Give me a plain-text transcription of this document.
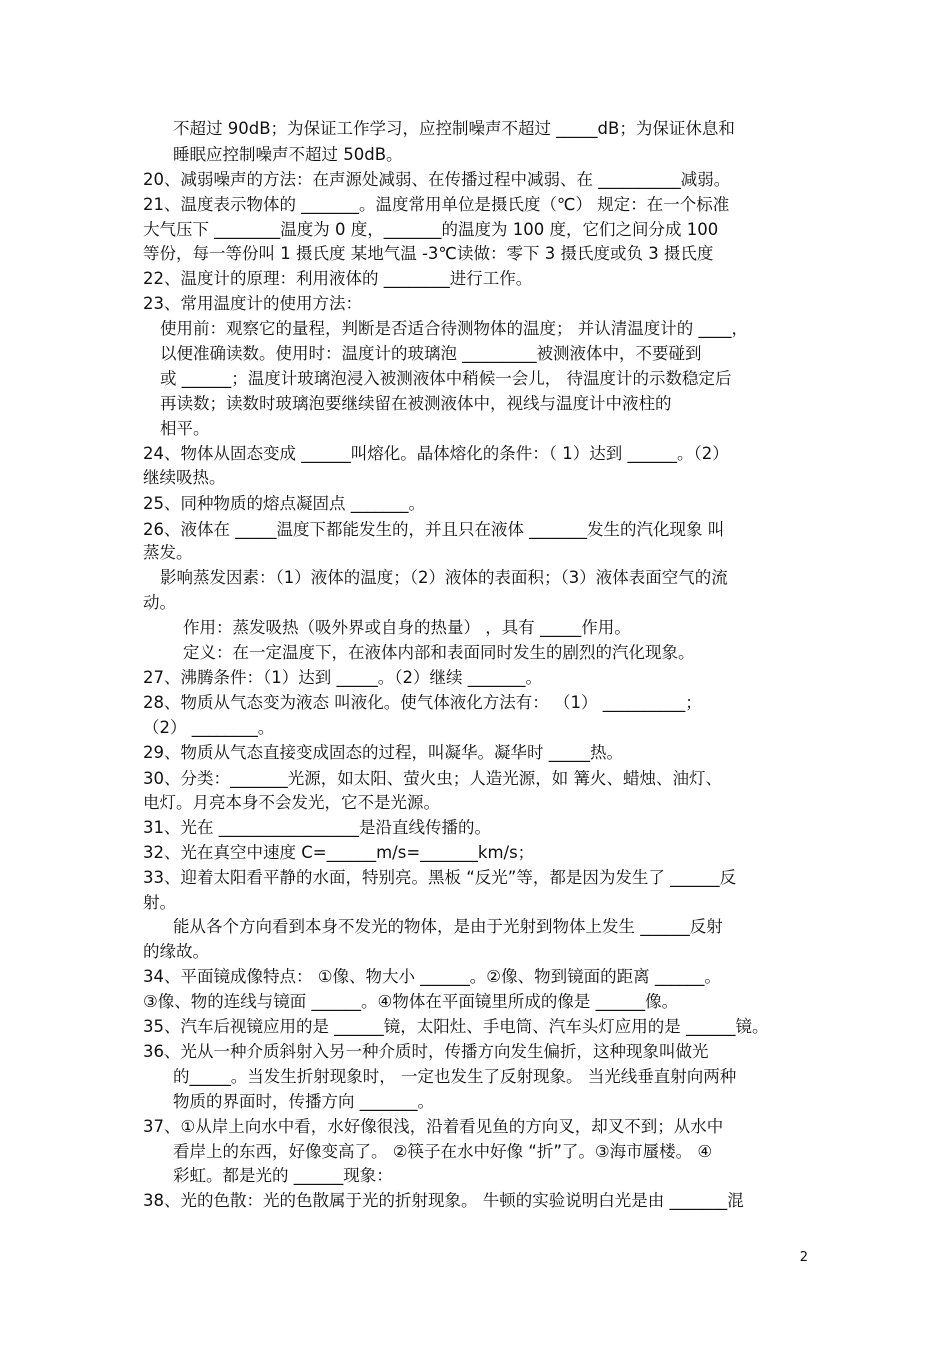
不超过 90dB；为保证工作学习，应控制噪声不超过 _____dB；为保证休息和
睡眠应控制噪声不超过 50dB。
20、减弱噪声的方法：在声源处减弱、在传播过程中减弱、在 __________减弱。
21、温度表示物体的 _______。温度常用单位是摄氏度（℃） 规定：在一个标准
大气压下 ________温度为 0 度，_______的温度为 100 度，它们之间分成 100
等份，每一等份叫 1 摄氏度 某地气温 -3℃读做：零下 3 摄氏度或负 3 摄氏度
22、温度计的原理：利用液体的 ________进行工作。
23、常用温度计的使用方法：
使用前：观察它的量程，判断是否适合待测物体的温度； 并认清温度计的 ____，
以便准确读数。使用时：温度计的玻璃泡 _________被测液体中，不要碰到
或 ______；温度计玻璃泡浸入被测液体中稍候一会儿， 待温度计的示数稳定后
再读数；读数时玻璃泡要继续留在被测液体中，视线与温度计中液柱的
相平。
24、物体从固态变成 ______叫熔化。晶体熔化的条件：（ 1）达到 ______。（2）
继续吸热。
25、同种物质的熔点凝固点 _______。
26、液体在 _____温度下都能发生的，并且只在液体 _______发生的汽化现象 叫
蒸发。
影响蒸发因素：（1）液体的温度；（2）液体的表面积；（3）液体表面空气的流
动。
作用：蒸发吸热（吸外界或自身的热量） ，具有 _____作用。
定义：在一定温度下，在液体内部和表面同时发生的剧烈的汽化现象。
27、沸腾条件：（1）达到 _____。（2）继续 _______。
28、物质从气态变为液态 叫液化。使气体液化方法有： （1） __________；
（2） ________。
29、物质从气态直接变成固态的过程，叫凝华。凝华时 _____热。
30、分类：_______光源，如太阳、萤火虫；人造光源，如 篝火、蜡烛、油灯、
电灯。月亮本身不会发光，它不是光源。
31、光在 _________________是沿直线传播的。
32、光在真空中速度 C=______m/s=_______km/s；
33、迎着太阳看平静的水面，特别亮。黑板 “反光”等，都是因为发生了 ______反
射。
能从各个方向看到本身不发光的物体，是由于光射到物体上发生 ______反射
的缘故。
34、平面镜成像特点： ①像、物大小 ______。②像、物到镜面的距离 ______。
③像、物的连线与镜面 ______。④物体在平面镜里所成的像是 ______像。
35、汽车后视镜应用的是 ______镜，太阳灶、手电筒、汽车头灯应用的是 ______镜。
36、光从一种介质斜射入另一种介质时，传播方向发生偏折，这种现象叫做光
的_____。当发生折射现象时， 一定也发生了反射现象。 当光线垂直射向两种
物质的界面时，传播方向 _______。
37、①从岸上向水中看，水好像很浅，沿着看见鱼的方向叉，却叉不到；从水中
看岸上的东西，好像变高了。 ②筷子在水中好像 “折”了。③海市蜃楼。 ④
彩虹。都是光的 ______现象：
38、光的色散：光的色散属于光的折射现象。 牛顿的实验说明白光是由 _______混
2
